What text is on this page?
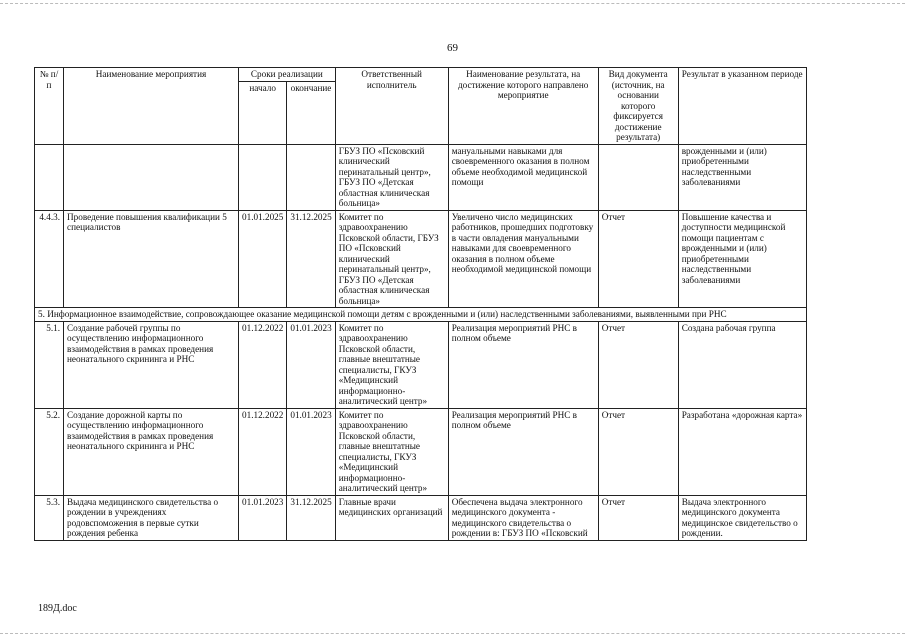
69
№ п/п	Наименование мероприятия	Сроки реализации		Ответственный исполнитель	Наименование результата, на достижение которого направлено мероприятие	Вид документа (источник, на основании которого фиксируется достижение результата)	Результат в указанном периоде
		начало	окончание				
				ГБУЗ ПО «Псковский клинический перинатальный центр», ГБУЗ ПО «Детская областная клиническая больница»	мануальными навыками для своевременного оказания в полном объеме необходимой медицинской помощи		врожденными и (или) приобретенными наследственными заболеваниями
4.4.3.	Проведение повышения квалификации 5 специалистов	01.01.2025	31.12.2025	Комитет по здравоохранению Псковской области, ГБУЗ ПО «Псковский клинический перинатальный центр», ГБУЗ ПО «Детская областная клиническая больница»	Увеличено число медицинских работников, прошедших подготовку в части овладения мануальными навыками для своевременного оказания в полном объеме необходимой медицинской помощи	Отчет	Повышение качества и доступности медицинской помощи пациентам с врожденными и (или) приобретенными наследственными заболеваниями
5. Информационное взаимодействие, сопровождающее оказание медицинской помощи детям с врожденными и (или) наследственными заболеваниями, выявленными при РНС							
5.1.	Создание рабочей группы по осуществлению информационного взаимодействия в рамках проведения неонатального скрининга и РНС	01.12.2022	01.01.2023	Комитет по здравоохранению Псковской области, главные внештатные специалисты, ГКУЗ «Медицинский информационно-аналитический центр»	Реализация мероприятий РНС в полном объеме	Отчет	Создана рабочая группа
5.2.	Создание дорожной карты по осуществлению информационного взаимодействия в рамках проведения неонатального скрининга и РНС	01.12.2022	01.01.2023	Комитет по здравоохранению Псковской области, главные внештатные специалисты, ГКУЗ «Медицинский информационно-аналитический центр»	Реализация мероприятий РНС в полном объеме	Отчет	Разработана «дорожная карта»
5.3.	Выдача медицинского свидетельства о рождении в учреждениях родовспоможения в первые сутки рождения ребенка	01.01.2023	31.12.2025	Главные врачи медицинских организаций	Обеспечена выдача электронного медицинского документа - медицинского свидетельства о рождении в: ГБУЗ ПО «Псковский	Отчет	Выдача электронного медицинского документа медицинское свидетельство о рождении.
189Д.doc
